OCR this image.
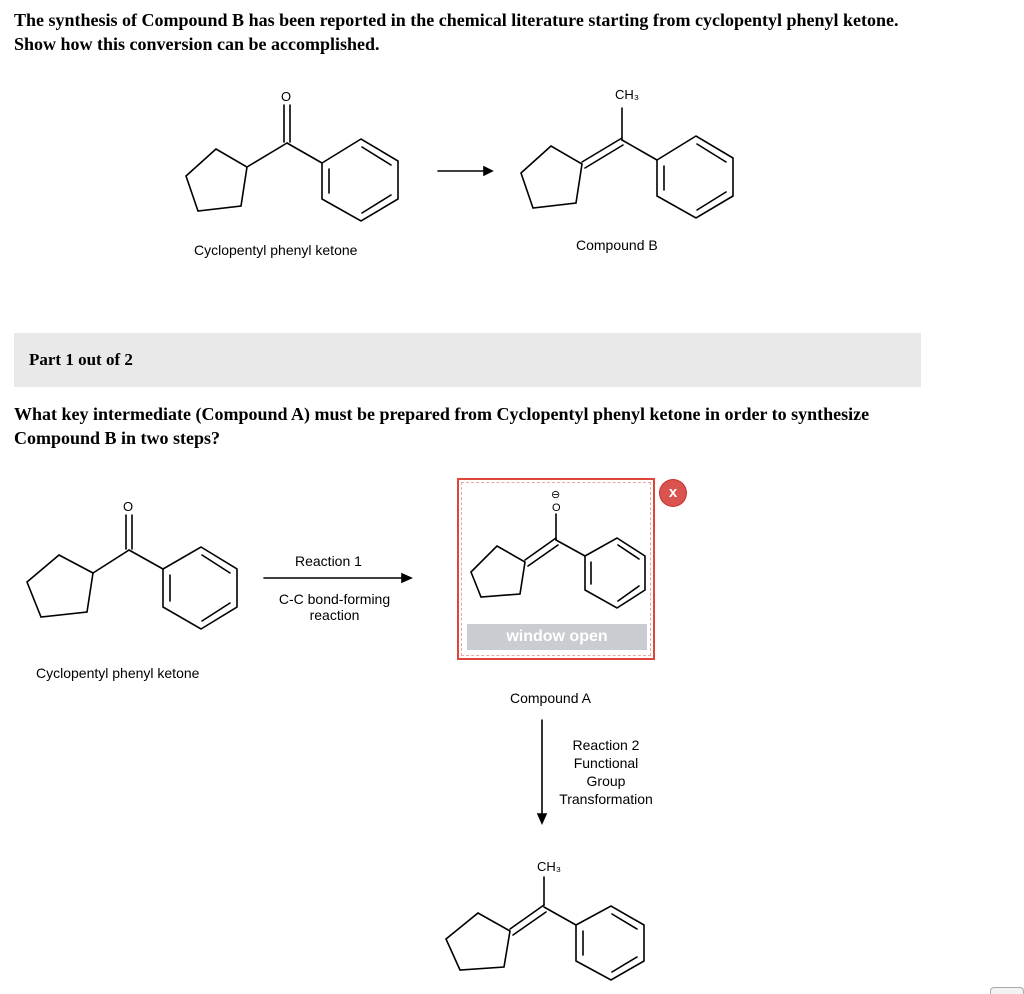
The synthesis of Compound B has been reported in the chemical literature starting from cyclopentyl phenyl ketone. Show how this conversion can be accomplished.

O	CH₃
Cyclopentyl phenyl ketone	Compound B
Part 1 out of 2

What key intermediate (Compound A) must be prepared from Cyclopentyl phenyl ketone in order to synthesize Compound B in two steps?

O
Cyclopentyl phenyl ketone
Reaction 1
C-C bond-forming
reaction
⊖
O
window open
x
Compound A
Reaction 2
Functional
Group
Transformation
CH₃
